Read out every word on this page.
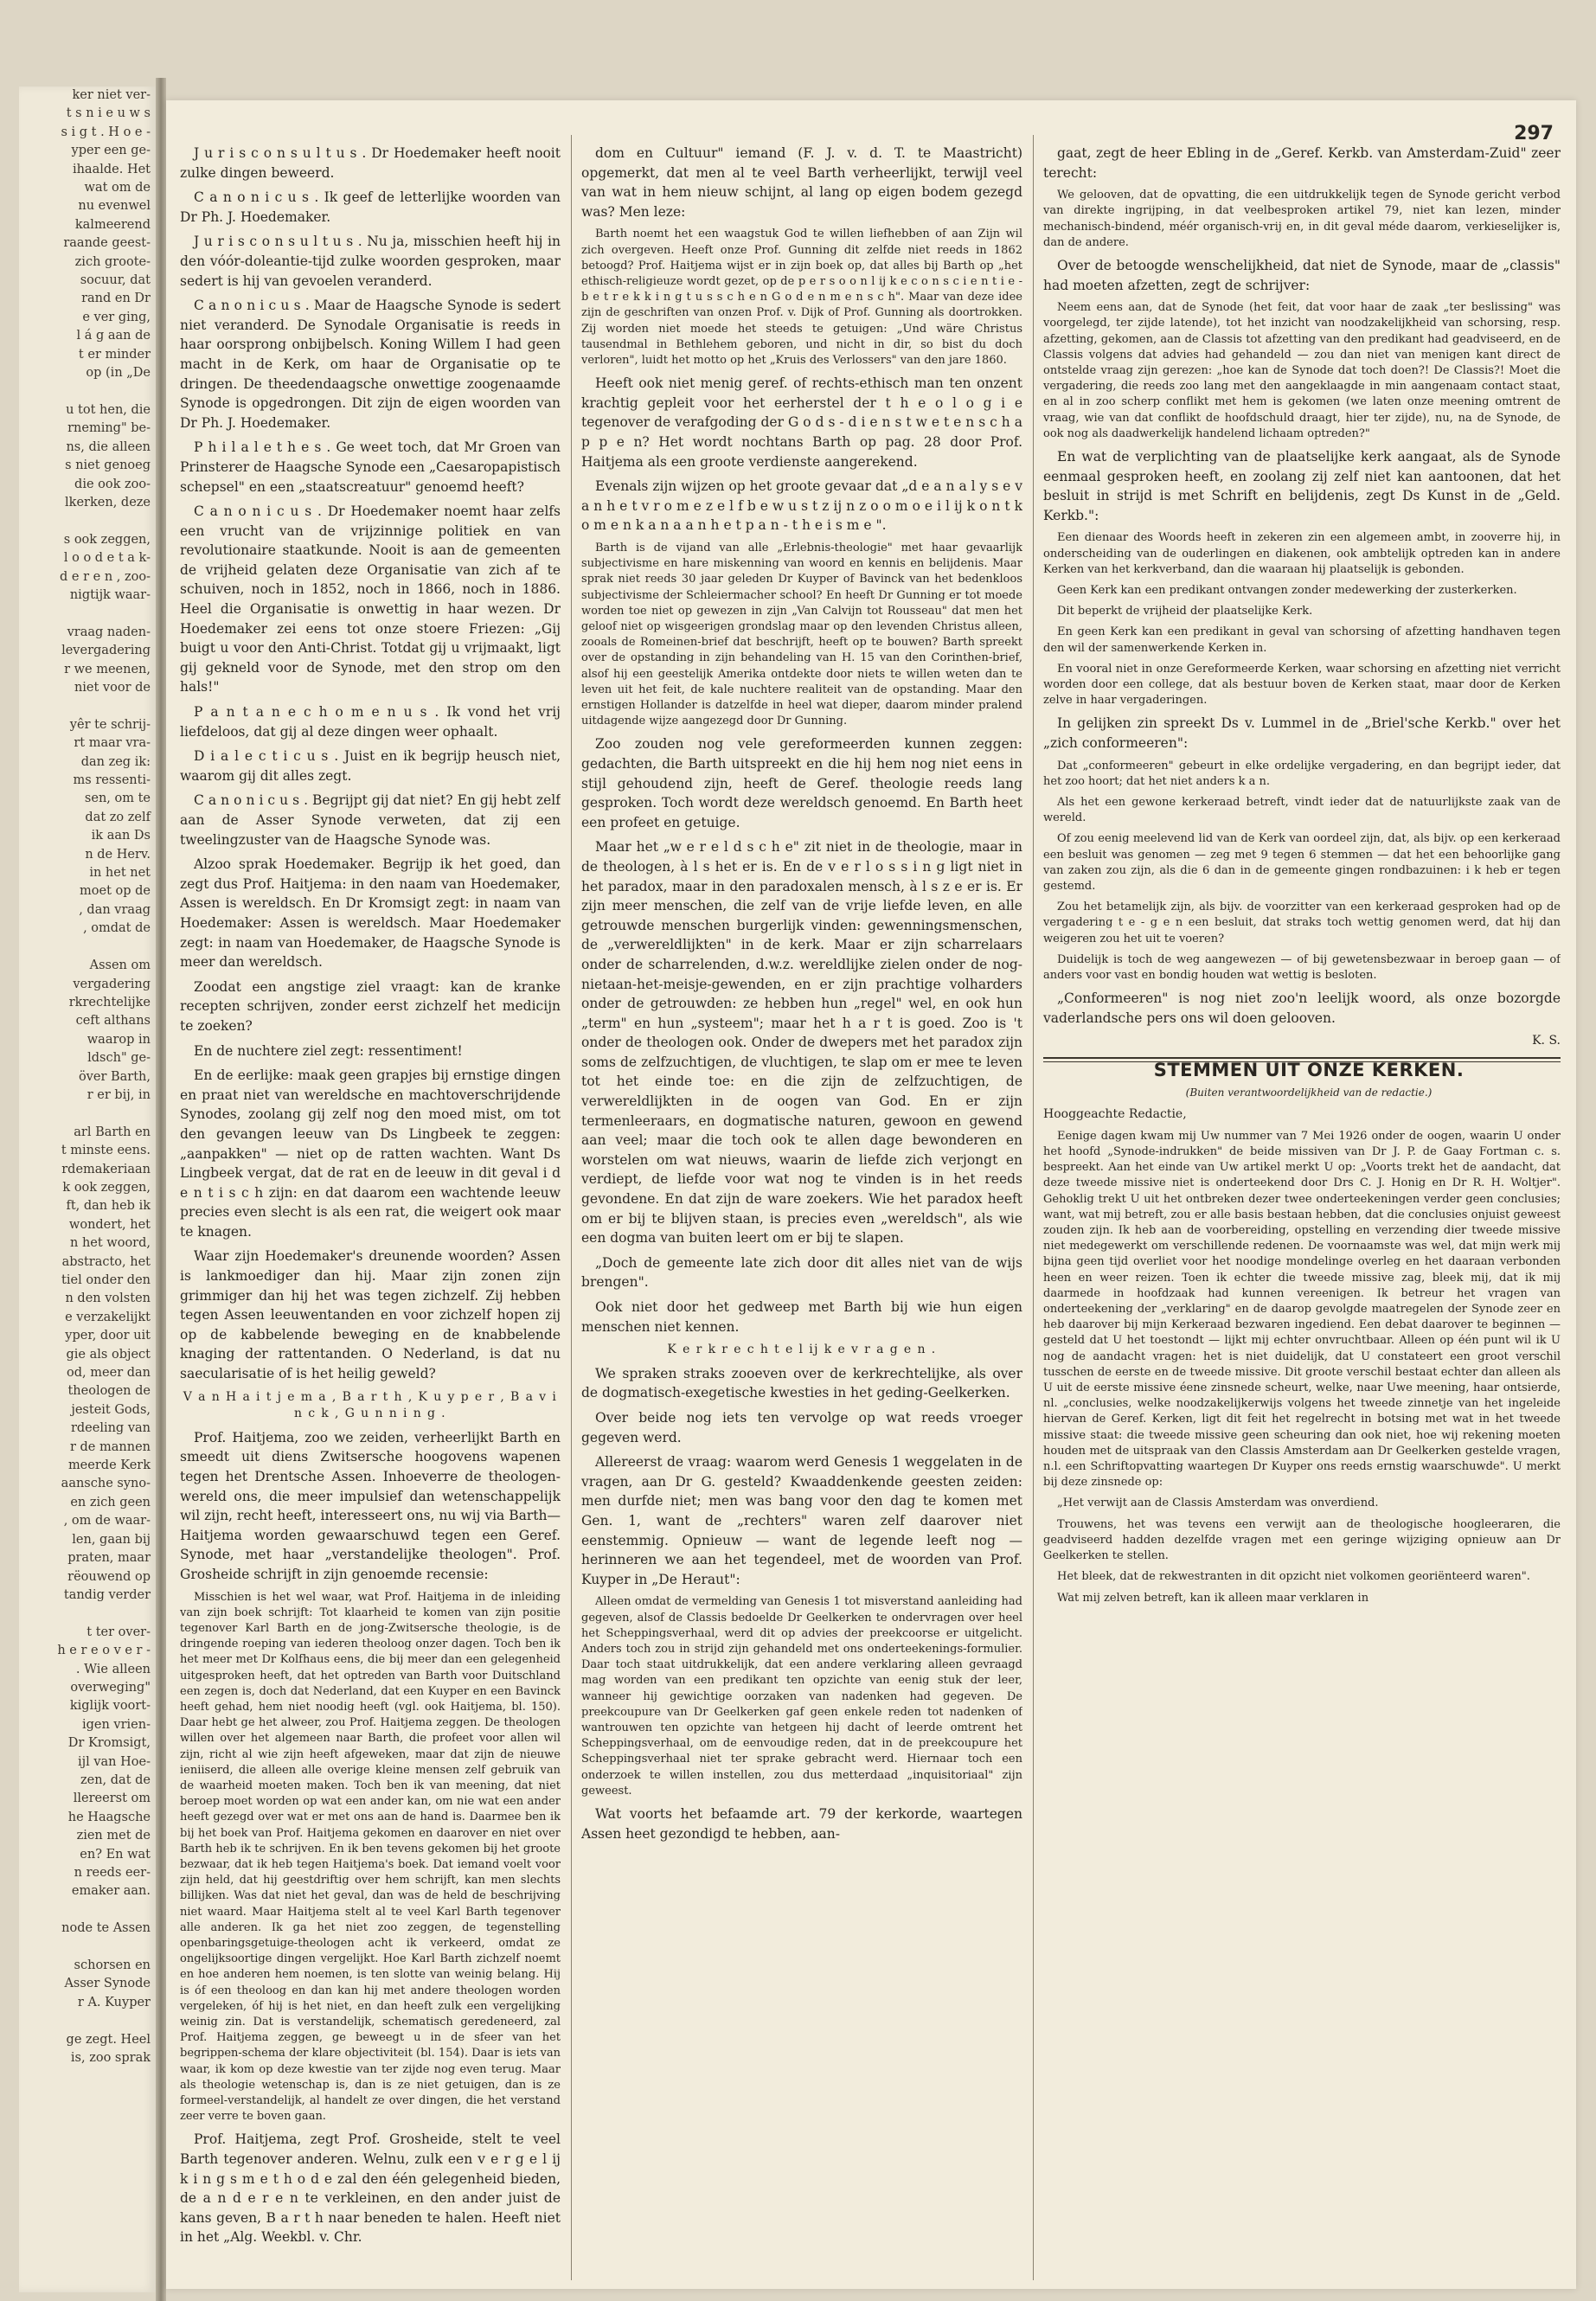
ker niet ver-
t s n i e u w s
s i g t . H o e -
yper een ge-
ihaalde. Het
wat om de
nu evenwel
kalmeerend
raande geest-
zich groote-
socuur, dat
rand en Dr
e ver ging,
l á g aan de
t er minder
op (in „De

u tot hen, die
rneming" be-
ns, die alleen
s niet genoeg
die ook zoo-
lkerken, deze

s ook zeggen,
l o o d e t a k-
d e r e n , zoo-
nigtijk waar-

vraag naden-
levergadering
r we meenen,
niet voor de

yêr te schrij-
rt maar vra-
dan zeg ik:
ms ressenti-
sen, om te
dat zo zelf
ik aan Ds
n de Herv.
in het net
moet op de
, dan vraag
, omdat de

Assen om
vergadering
rkrechtelijke
ceft althans
waarop in
ldsch" ge-
över Barth,
r er bij, in

arl Barth en
t minste eens.
rdemakeriaan
k ook zeggen,
ft, dan heb ik
wondert, het
n het woord,
abstracto, het
tiel onder den
n den volsten
e verzakelijkt
yper, door uit
gie als object
od, meer dan
theologen de
jesteit Gods,
rdeeling van
r de mannen
meerde Kerk
aansche syno-
en zich geen
, om de waar-
len, gaan bij
praten, maar
rëouwend op
tandig verder

t ter over-
h e r e o v e r -
. Wie alleen
overweging"
kiglijk voort-
igen vrien-
Dr Kromsigt,
ijl van Hoe-
zen, dat de
llereerst om
he Haagsche
zien met de
en? En wat
n reeds eer-
emaker aan.

node te Assen

schorsen en
Asser Synode
r A. Kuyper

ge zegt. Heel
is, zoo sprak
297

J u r i s c o n s u l t u s . Dr Hoedemaker heeft nooit zulke dingen beweerd.

C a n o n i c u s . Ik geef de letterlijke woorden van Dr Ph. J. Hoedemaker.

J u r i s c o n s u l t u s . Nu ja, misschien heeft hij in den vóór-doleantie-tijd zulke woorden gesproken, maar sedert is hij van gevoelen veranderd.

C a n o n i c u s . Maar de Haagsche Synode is sedert niet veranderd. De Synodale Organisatie is reeds in haar oorsprong onbijbelsch. Koning Willem I had geen macht in de Kerk, om haar de Organisatie op te dringen. De theedendaagsche onwettige zoogenaamde Synode is opgedrongen. Dit zijn de eigen woorden van Dr Ph. J. Hoedemaker.

P h i l a l e t h e s . Ge weet toch, dat Mr Groen van Prinsterer de Haagsche Synode een „Caesaropapistisch schepsel" en een „staatscreatuur" genoemd heeft?

C a n o n i c u s . Dr Hoedemaker noemt haar zelfs een vrucht van de vrijzinnige politiek en van revolutionaire staatkunde. Nooit is aan de gemeenten de vrijheid gelaten deze Organisatie van zich af te schuiven, noch in 1852, noch in 1866, noch in 1886. Heel die Organisatie is onwettig in haar wezen. Dr Hoedemaker zei eens tot onze stoere Friezen: „Gij buigt u voor den Anti-Christ. Totdat gij u vrijmaakt, ligt gij gekneld voor de Synode, met den strop om den hals!"

P a n t a n e c h o m e n u s . Ik vond het vrij liefdeloos, dat gij al deze dingen weer ophaalt.

D i a l e c t i c u s . Juist en ik begrijp heusch niet, waarom gij dit alles zegt.

C a n o n i c u s . Begrijpt gij dat niet? En gij hebt zelf aan de Asser Synode verweten, dat zij een tweelingzuster van de Haagsche Synode was.

Alzoo sprak Hoedemaker. Begrijp ik het goed, dan zegt dus Prof. Haitjema: in den naam van Hoedemaker, Assen is wereldsch. En Dr Kromsigt zegt: in naam van Hoedemaker: Assen is wereldsch. Maar Hoedemaker zegt: in naam van Hoedemaker, de Haagsche Synode is meer dan wereldsch.

Zoodat een angstige ziel vraagt: kan de kranke recepten schrijven, zonder eerst zichzelf het medicijn te zoeken?

En de nuchtere ziel zegt: ressentiment!

En de eerlijke: maak geen grapjes bij ernstige dingen en praat niet van wereldsche en machtoverschrijdende Synodes, zoolang gij zelf nog den moed mist, om tot den gevangen leeuw van Ds Lingbeek te zeggen: „aanpakken" — niet op de ratten wachten. Want Ds Lingbeek vergat, dat de rat en de leeuw in dit geval i d e n t i s c h zijn: en dat daarom een wachtende leeuw precies even slecht is als een rat, die weigert ook maar te knagen.

Waar zijn Hoedemaker's dreunende woorden? Assen is lankmoediger dan hij. Maar zijn zonen zijn grimmiger dan hij het was tegen zichzelf. Zij hebben tegen Assen leeuwentanden en voor zichzelf hopen zij op de kabbelende beweging en de knabbelende knaging der rattentanden. O Nederland, is dat nu saecularisatie of is het heilig geweld?

V a n H a i t j e m a , B a r t h , K u y p e r , B a v i n c k , G u n n i n g .

Prof. Haitjema, zoo we zeiden, verheerlijkt Barth en smeedt uit diens Zwitsersche hoogovens wapenen tegen het Drentsche Assen. Inhoeverre de theologen-wereld ons, die meer impulsief dan wetenschappelijk wil zijn, recht heeft, interesseert ons, nu wij via Barth—Haitjema worden gewaarschuwd tegen een Geref. Synode, met haar „verstandelijke theologen". Prof. Grosheide schrijft in zijn genoemde recensie:

Misschien is het wel waar, wat Prof. Haitjema in de inleiding van zijn boek schrijft: Tot klaarheid te komen van zijn positie tegenover Karl Barth en de jong-Zwitsersche theologie, is de dringende roeping van iederen theoloog onzer dagen. Toch ben ik het meer met Dr Kolfhaus eens, die bij meer dan een gelegenheid uitgesproken heeft, dat het optreden van Barth voor Duitschland een zegen is, doch dat Nederland, dat een Kuyper en een Bavinck heeft gehad, hem niet noodig heeft (vgl. ook Haitjema, bl. 150). Daar hebt ge het alweer, zou Prof. Haitjema zeggen. De theologen willen over het algemeen naar Barth, die profeet voor allen wil zijn, richt al wie zijn heeft afgeweken, maar dat zijn de nieuwe ieniiserd, die alleen alle overige kleine mensen zelf gebruik van de waarheid moeten maken. Toch ben ik van meening, dat niet beroep moet worden op wat een ander kan, om nie wat een ander heeft gezegd over wat er met ons aan de hand is. Daarmee ben ik bij het boek van Prof. Haitjema gekomen en daarover en niet over Barth heb ik te schrijven. En ik ben tevens gekomen bij het groote bezwaar, dat ik heb tegen Haitjema's boek. Dat iemand voelt voor zijn held, dat hij geestdriftig over hem schrijft, kan men slechts billijken. Was dat niet het geval, dan was de held de beschrijving niet waard. Maar Haitjema stelt al te veel Karl Barth tegenover alle anderen. Ik ga het niet zoo zeggen, de tegenstelling openbaringsgetuige-theologen acht ik verkeerd, omdat ze ongelijksoortige dingen vergelijkt. Hoe Karl Barth zichzelf noemt en hoe anderen hem noemen, is ten slotte van weinig belang. Hij is óf een theoloog en dan kan hij met andere theologen worden vergeleken, óf hij is het niet, en dan heeft zulk een vergelijking weinig zin. Dat is verstandelijk, schematisch geredeneerd, zal Prof. Haitjema zeggen, ge beweegt u in de sfeer van het begrippen-schema der klare objectiviteit (bl. 154). Daar is iets van waar, ik kom op deze kwestie van ter zijde nog even terug. Maar als theologie wetenschap is, dan is ze niet getuigen, dan is ze formeel-verstandelijk, al handelt ze over dingen, die het verstand zeer verre te boven gaan.

Prof. Haitjema, zegt Prof. Grosheide, stelt te veel Barth tegenover anderen. Welnu, zulk een v e r g e l ij k i n g s m e t h o d e zal den één gelegenheid bieden, de a n d e r e n te verkleinen, en den ander juist de kans geven, B a r t h naar beneden te halen. Heeft niet in het „Alg. Weekbl. v. Chr.

dom en Cultuur" iemand (F. J. v. d. T. te Maastricht) opgemerkt, dat men al te veel Barth verheerlijkt, terwijl veel van wat in hem nieuw schijnt, al lang op eigen bodem gezegd was? Men leze:

Barth noemt het een waagstuk God te willen liefhebben of aan Zijn wil zich overgeven. Heeft onze Prof. Gunning dit zelfde niet reeds in 1862 betoogd? Prof. Haitjema wijst er in zijn boek op, dat alles bij Barth op „het ethisch-religieuze wordt gezet, op de p e r s o o n l ij k e c o n s c i e n t i e - b e t r e k k i n g t u s s c h e n G o d e n m e n s c h". Maar van deze idee zijn de geschriften van onzen Prof. v. Dijk of Prof. Gunning als doortrokken. Zij worden niet moede het steeds te getuigen: „Und wäre Christus tausendmal in Bethlehem geboren, und nicht in dir, so bist du doch verloren", luidt het motto op het „Kruis des Verlossers" van den jare 1860.

Heeft ook niet menig geref. of rechts-ethisch man ten onzent krachtig gepleit voor het eerherstel der t h e o l o g i e tegenover de verafgoding der G o d s - d i e n s t w e t e n s c h a p p e n? Het wordt nochtans Barth op pag. 28 door Prof. Haitjema als een groote verdienste aangerekend.

Evenals zijn wijzen op het groote gevaar dat „d e a n a l y s e v a n h e t v r o m e z e l f b e w u s t z ij n z o o m o e i l ij k o n t k o m e n k a n a a n h e t p a n - t h e i s m e ".

Barth is de vijand van alle „Erlebnis-theologie" met haar gevaarlijk subjectivisme en hare miskenning van woord en kennis en belijdenis. Maar sprak niet reeds 30 jaar geleden Dr Kuyper of Bavinck van het bedenkloos subjectivisme der Schleiermacher school? En heeft Dr Gunning er tot moede worden toe niet op gewezen in zijn „Van Calvijn tot Rousseau" dat men het geloof niet op wisgeerigen grondslag maar op den levenden Christus alleen, zooals de Romeinen-brief dat beschrijft, heeft op te bouwen? Barth spreekt over de opstanding in zijn behandeling van H. 15 van den Corinthen-brief, alsof hij een geestelijk Amerika ontdekte door niets te willen weten dan te leven uit het feit, de kale nuchtere realiteit van de opstanding. Maar den ernstigen Hollander is datzelfde in heel wat dieper, daarom minder pralend uitdagende wijze aangezegd door Dr Gunning.

Zoo zouden nog vele gereformeerden kunnen zeggen: gedachten, die Barth uitspreekt en die hij hem nog niet eens in stijl gehoudend zijn, heeft de Geref. theologie reeds lang gesproken. Toch wordt deze wereldsch genoemd. En Barth heet een profeet en getuige.

Maar het „w e r e l d s c h e" zit niet in de theologie, maar in de theologen, à l s het er is. En de v e r l o s s i n g ligt niet in het paradox, maar in den paradoxalen mensch, à l s z e er is. Er zijn meer menschen, die zelf van de vrije liefde leven, en alle getrouwde menschen burgerlijk vinden: gewenningsmenschen, de „verwereldlijkten" in de kerk. Maar er zijn scharrelaars onder de scharrelenden, d.w.z. wereldlijke zielen onder de nog-nietaan-het-meisje-gewenden, en er zijn prachtige volharders onder de getrouwden: ze hebben hun „regel" wel, en ook hun „term" en hun „systeem"; maar het h a r t is goed. Zoo is 't onder de theologen ook. Onder de dwepers met het paradox zijn soms de zelfzuchtigen, de vluchtigen, te slap om er mee te leven tot het einde toe: en die zijn de zelfzuchtigen, de verwereldlijkten in de oogen van God. En er zijn termenleeraars, en dogmatische naturen, gewoon en gewend aan veel; maar die toch ook te allen dage bewonderen en worstelen om wat nieuws, waarin de liefde zich verjongt en verdiept, de liefde voor wat nog te vinden is in het reeds gevondene. En dat zijn de ware zoekers. Wie het paradox heeft om er bij te blijven staan, is precies even „wereldsch", als wie een dogma van buiten leert om er bij te slapen.

„Doch de gemeente late zich door dit alles niet van de wijs brengen".

Ook niet door het gedweep met Barth bij wie hun eigen menschen niet kennen.

K e r k r e c h t e l ij k e v r a g e n .

We spraken straks zooeven over de kerkrechtelijke, als over de dogmatisch-exegetische kwesties in het geding-Geelkerken.

Over beide nog iets ten vervolge op wat reeds vroeger gegeven werd.

Allereerst de vraag: waarom werd Genesis 1 weggelaten in de vragen, aan Dr G. gesteld? Kwaaddenkende geesten zeiden: men durfde niet; men was bang voor den dag te komen met Gen. 1, want de „rechters" waren zelf daarover niet eenstemmig. Opnieuw — want de legende leeft nog — herinneren we aan het tegendeel, met de woorden van Prof. Kuyper in „De Heraut":

Alleen omdat de vermelding van Genesis 1 tot misverstand aanleiding had gegeven, alsof de Classis bedoelde Dr Geelkerken te ondervragen over heel het Scheppingsverhaal, werd dit op advies der preekcoorse er uitgelicht. Anders toch zou in strijd zijn gehandeld met ons onderteekenings-formulier. Daar toch staat uitdrukkelijk, dat een andere verklaring alleen gevraagd mag worden van een predikant ten opzichte van eenig stuk der leer, wanneer hij gewichtige oorzaken van nadenken had gegeven. De preekcoupure van Dr Geelkerken gaf geen enkele reden tot nadenken of wantrouwen ten opzichte van hetgeen hij dacht of leerde omtrent het Scheppingsverhaal, om de eenvoudige reden, dat in de preekcoupure het Scheppingsverhaal niet ter sprake gebracht werd. Hiernaar toch een onderzoek te willen instellen, zou dus metterdaad „inquisitoriaal" zijn geweest.

Wat voorts het befaamde art. 79 der kerkorde, waartegen Assen heet gezondigd te hebben, aan-

gaat, zegt de heer Ebling in de „Geref. Kerkb. van Amsterdam-Zuid" zeer terecht:

We gelooven, dat de opvatting, die een uitdrukkelijk tegen de Synode gericht verbod van direkte ingrijping, in dat veelbesproken artikel 79, niet kan lezen, minder mechanisch-bindend, méér organisch-vrij en, in dit geval méde daarom, verkieselijker is, dan de andere.

Over de betoogde wenschelijkheid, dat niet de Synode, maar de „classis" had moeten afzetten, zegt de schrijver:

Neem eens aan, dat de Synode (het feit, dat voor haar de zaak „ter beslissing" was voorgelegd, ter zijde latende), tot het inzicht van noodzakelijkheid van schorsing, resp. afzetting, gekomen, aan de Classis tot afzetting van den predikant had geadviseerd, en de Classis volgens dat advies had gehandeld — zou dan niet van menigen kant direct de ontstelde vraag zijn gerezen: „hoe kan de Synode dat toch doen?! De Classis?! Moet die vergadering, die reeds zoo lang met den aangeklaagde in min aangenaam contact staat, en al in zoo scherp conflikt met hem is gekomen (we laten onze meening omtrent de vraag, wie van dat conflikt de hoofdschuld draagt, hier ter zijde), nu, na de Synode, de ook nog als daadwerkelijk handelend lichaam optreden?"

En wat de verplichting van de plaatselijke kerk aangaat, als de Synode eenmaal gesproken heeft, en zoolang zij zelf niet kan aantoonen, dat het besluit in strijd is met Schrift en belijdenis, zegt Ds Kunst in de „Geld. Kerkb.":

Een dienaar des Woords heeft in zekeren zin een algemeen ambt, in zooverre hij, in onderscheiding van de ouderlingen en diakenen, ook ambtelijk optreden kan in andere Kerken van het kerkverband, dan die waaraan hij plaatselijk is gebonden.

Geen Kerk kan een predikant ontvangen zonder medewerking der zusterkerken.

Dit beperkt de vrijheid der plaatselijke Kerk.

En geen Kerk kan een predikant in geval van schorsing of afzetting handhaven tegen den wil der samenwerkende Kerken in.

En vooral niet in onze Gereformeerde Kerken, waar schorsing en afzetting niet verricht worden door een college, dat als bestuur boven de Kerken staat, maar door de Kerken zelve in haar vergaderingen.

In gelijken zin spreekt Ds v. Lummel in de „Briel'sche Kerkb." over het „zich conformeeren":

Dat „conformeeren" gebeurt in elke ordelijke vergadering, en dan begrijpt ieder, dat het zoo hoort; dat het niet anders k a n.

Als het een gewone kerkeraad betreft, vindt ieder dat de natuurlijkste zaak van de wereld.

Of zou eenig meelevend lid van de Kerk van oordeel zijn, dat, als bijv. op een kerkeraad een besluit was genomen — zeg met 9 tegen 6 stemmen — dat het een behoorlijke gang van zaken zou zijn, als die 6 dan in de gemeente gingen rondbazuinen: i k heb er tegen gestemd.

Zou het betamelijk zijn, als bijv. de voorzitter van een kerkeraad gesproken had op de vergadering t e - g e n een besluit, dat straks toch wettig genomen werd, dat hij dan weigeren zou het uit te voeren?

Duidelijk is toch de weg aangewezen — of bij gewetensbezwaar in beroep gaan — of anders voor vast en bondig houden wat wettig is besloten.

„Conformeeren" is nog niet zoo'n leelijk woord, als onze bozorgde vaderlandsche pers ons wil doen gelooven.

K. S.

STEMMEN UIT ONZE KERKEN.

(Buiten verantwoordelijkheid van de redactie.)

Hooggeachte Redactie,

Eenige dagen kwam mij Uw nummer van 7 Mei 1926 onder de oogen, waarin U onder het hoofd „Synode-indrukken" de beide missiven van Dr J. P. de Gaay Fortman c. s. bespreekt. Aan het einde van Uw artikel merkt U op: „Voorts trekt het de aandacht, dat deze tweede missive niet is onderteekend door Drs C. J. Honig en Dr R. H. Woltjer". Gehoklig trekt U uit het ontbreken dezer twee onderteekeningen verder geen conclusies; want, wat mij betreft, zou er alle basis bestaan hebben, dat die conclusies onjuist geweest zouden zijn. Ik heb aan de voorbereiding, opstelling en verzending dier tweede missive niet medegewerkt om verschillende redenen. De voornaamste was wel, dat mijn werk mij bijna geen tijd overliet voor het noodige mondelinge overleg en het daaraan verbonden heen en weer reizen. Toen ik echter die tweede missive zag, bleek mij, dat ik mij daarmede in hoofdzaak had kunnen vereenigen. Ik betreur het vragen van onderteekening der „verklaring" en de daarop gevolgde maatregelen der Synode zeer en heb daarover bij mijn Kerkeraad bezwaren ingediend. Een debat daarover te beginnen — gesteld dat U het toestondt — lijkt mij echter onvruchtbaar. Alleen op één punt wil ik U nog de aandacht vragen: het is niet duidelijk, dat U constateert een groot verschil tusschen de eerste en de tweede missive. Dit groote verschil bestaat echter dan alleen als U uit de eerste missive éene zinsnede scheurt, welke, naar Uwe meening, haar ontsierde, nl. „conclusies, welke noodzakelijkerwijs volgens het tweede zinnetje van het ingeleide hiervan de Geref. Kerken, ligt dit feit het regelrecht in botsing met wat in het tweede missive staat: die tweede missive geen scheuring dan ook niet, hoe wij rekening moeten houden met de uitspraak van den Classis Amsterdam aan Dr Geelkerken gestelde vragen, n.l. een Schriftopvatting waartegen Dr Kuyper ons reeds ernstig waarschuwde". U merkt bij deze zinsnede op:

„Het verwijt aan de Classis Amsterdam was onverdiend.

Trouwens, het was tevens een verwijt aan de theologische hoogleeraren, die geadviseerd hadden dezelfde vragen met een geringe wijziging opnieuw aan Dr Geelkerken te stellen.

Het bleek, dat de rekwestranten in dit opzicht niet volkomen georiënteerd waren".

Wat mij zelven betreft, kan ik alleen maar verklaren in
